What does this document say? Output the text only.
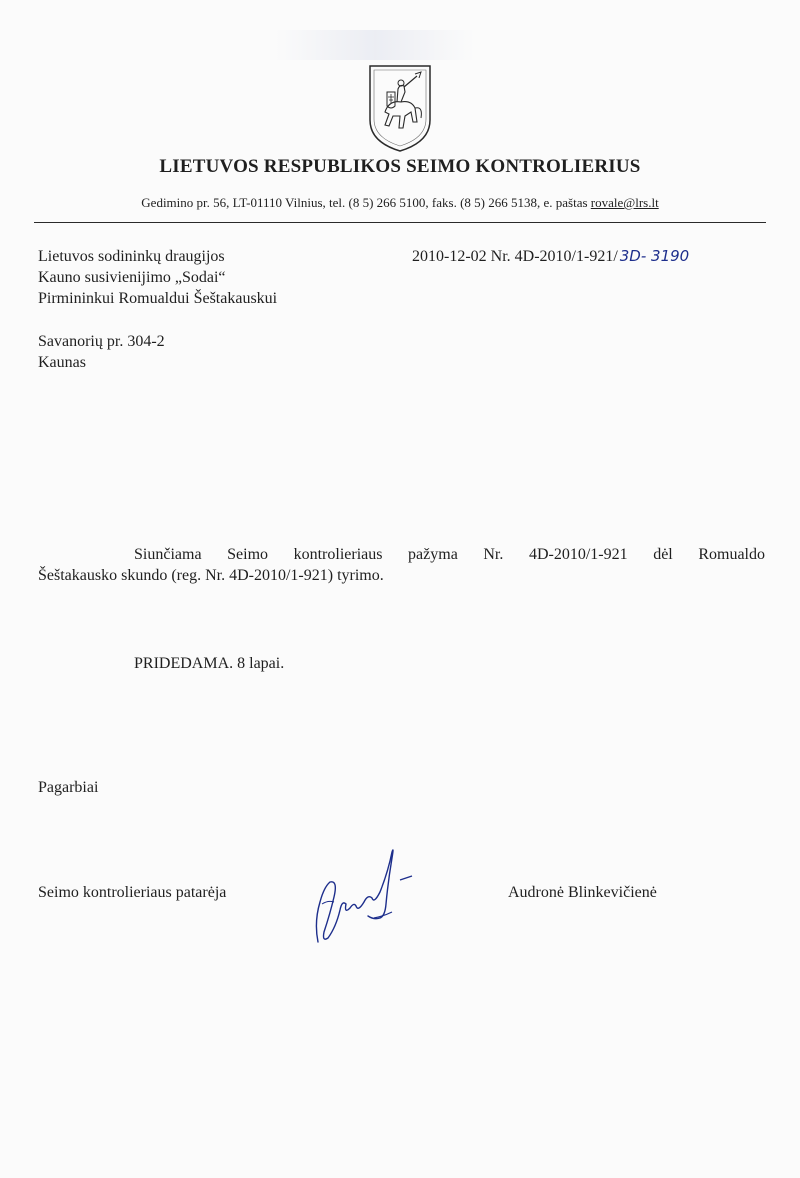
LIETUVOS RESPUBLIKOS SEIMO KONTROLIERIUS
Gedimino pr. 56, LT-01110 Vilnius, tel. (8 5) 266 5100, faks. (8 5) 266 5138, e. paštas rovale@lrs.lt
Lietuvos sodininkų draugijos
Kauno susivienijimo „Sodai“
Pirmininkui Romualdui Šeštakauskui
2010-12-02 Nr. 4D-2010/1-921/ 3D- 3190
Savanorių pr. 304-2
Kaunas
Siunčiama Seimo kontrolieriaus pažyma Nr. 4D-2010/1-921 dėl Romualdo
Šeštakausko skundo (reg. Nr. 4D-2010/1-921) tyrimo.
PRIDEDAMA. 8 lapai.
Pagarbiai
Seimo kontrolieriaus patarėja	Audronė Blinkevičienė
